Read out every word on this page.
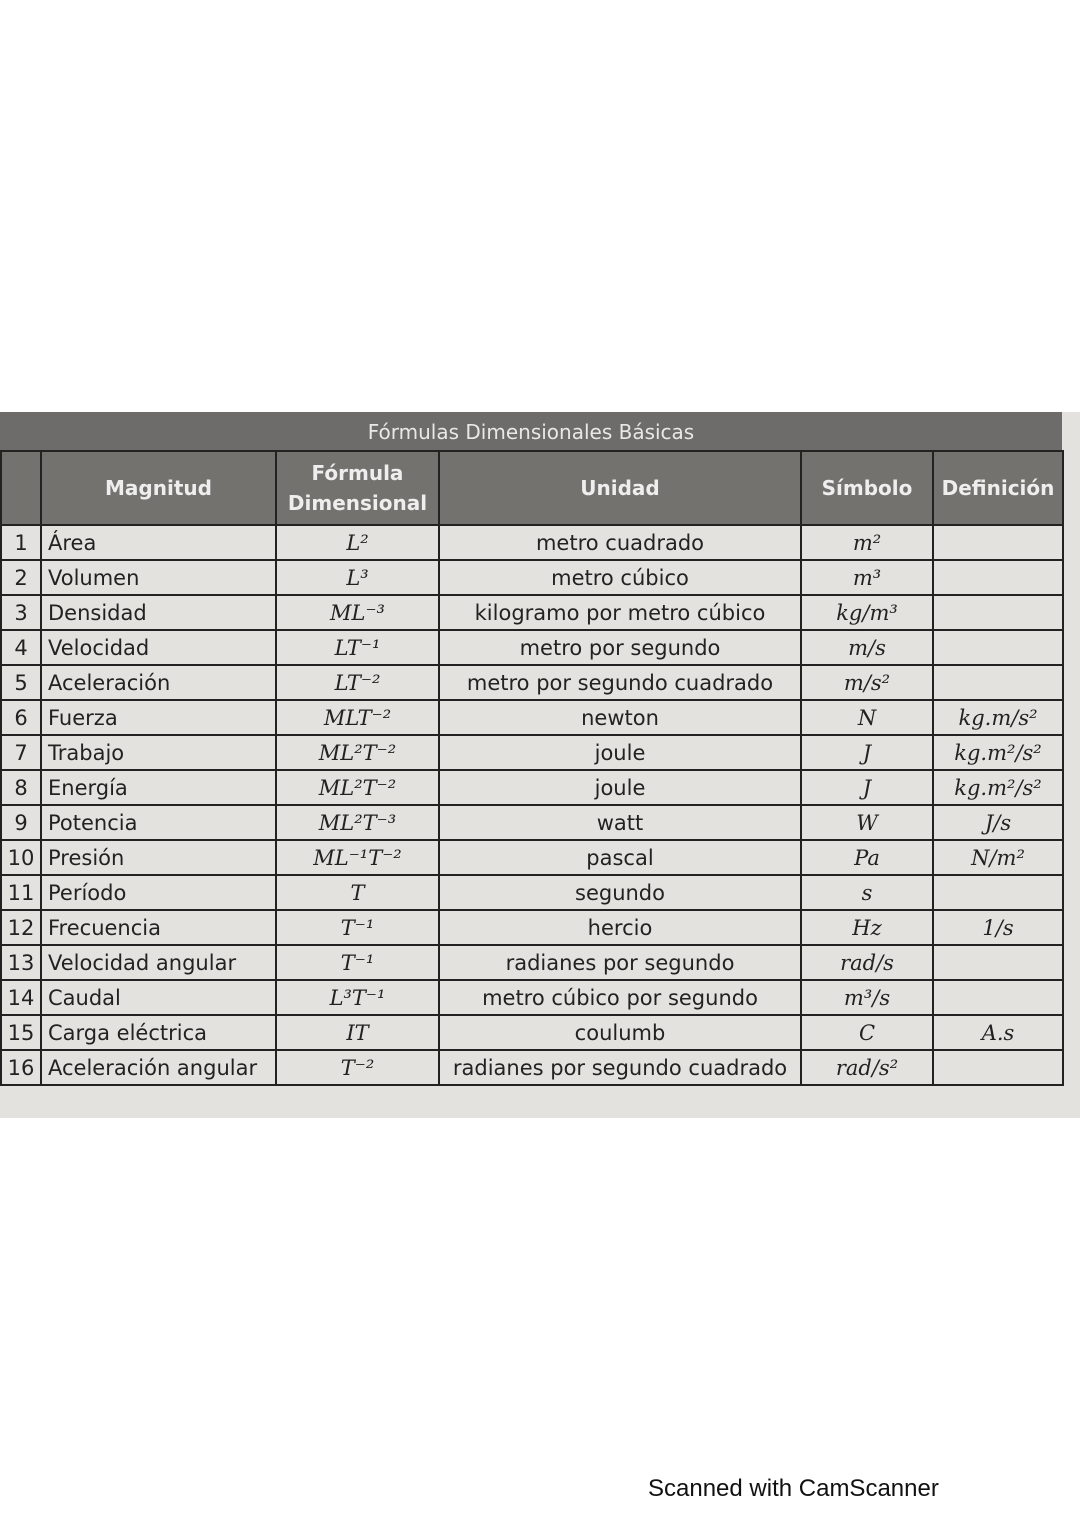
Fórmulas Dimensionales Básicas
	Magnitud	Fórmula Dimensional	Unidad	Símbolo	Definición
1	Área	L²	metro cuadrado	m²	
2	Volumen	L³	metro cúbico	m³	
3	Densidad	ML⁻³	kilogramo por metro cúbico	kg/m³	
4	Velocidad	LT⁻¹	metro por segundo	m/s	
5	Aceleración	LT⁻²	metro por segundo cuadrado	m/s²	
6	Fuerza	MLT⁻²	newton	N	kg.m/s²
7	Trabajo	ML²T⁻²	joule	J	kg.m²/s²
8	Energía	ML²T⁻²	joule	J	kg.m²/s²
9	Potencia	ML²T⁻³	watt	W	J/s
10	Presión	ML⁻¹T⁻²	pascal	Pa	N/m²
11	Período	T	segundo	s	
12	Frecuencia	T⁻¹	hercio	Hz	1/s
13	Velocidad angular	T⁻¹	radianes por segundo	rad/s	
14	Caudal	L³T⁻¹	metro cúbico por segundo	m³/s	
15	Carga eléctrica	IT	coulumb	C	A.s
16	Aceleración angular	T⁻²	radianes por segundo cuadrado	rad/s²	
Scanned with CamScanner
